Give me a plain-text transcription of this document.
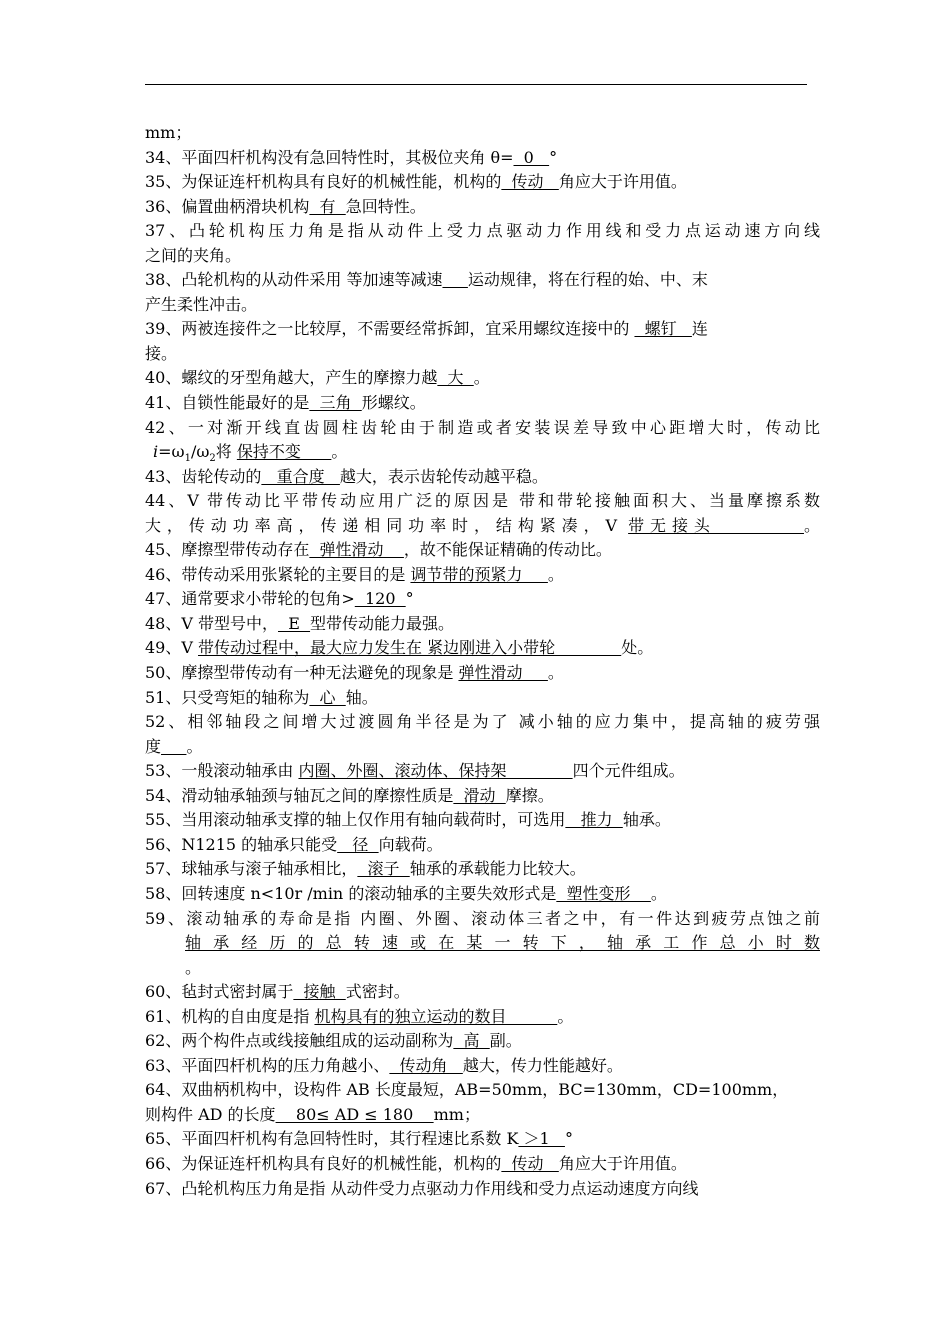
mm；
34、平面四杆机构没有急回特性时，其极位夹角 θ=  0   °
35、为保证连杆机构具有良好的机械性能，机构的  传动   角应大于许用值。
36、偏置曲柄滑块机构  有  急回特性。
37、凸轮机构压力角是指从动件上受力点驱动力作用线和受力点运动速方向线
之间的夹角。
38、凸轮机构的从动件采用 等加速等减速 运动规律，将在行程的始、中、末
产生柔性冲击。
39、两被连接件之一比较厚，不需要经常拆卸，宜采用螺纹连接中的   螺钉   连
接。
40、螺纹的牙型角越大，产生的摩擦力越  大  。
41、自锁性能最好的是  三角  形螺纹。
42、一对渐开线直齿圆柱齿轮由于制造或者安装误差导致中心距增大时，传动比
$i=\omega_1/\omega_2$将 保持不变      。
43、齿轮传动的   重合度   越大，表示齿轮传动越平稳。
44、V 带传动比平带传动应用广泛的原因是 带和带轮接触面积大、当量摩擦系数
大，传动功率高，传递相同功率时，结构紧凑，V 带无接头        。
45、摩擦型带传动存在  弹性滑动    ，故不能保证精确的传动比。
46、带传动采用张紧轮的主要目的是 调节带的预紧力     。
47、通常要求小带轮的包角>  120  °
48、V 带型号中，  E  型带传动能力最强。
49、V 带传动过程中，最大应力发生在 紧边刚进入小带轮             处。
50、摩擦型带传动有一种无法避免的现象是 弹性滑动     。
51、只受弯矩的轴称为  心  轴。
52、相邻轴段之间增大过渡圆角半径是为了 减小轴的应力集中，提高轴的疲劳强
度 。
53、一般滚动轴承由 内圈、外圈、滚动体、保持架             四个元件组成。
54、滑动轴承轴颈与轴瓦之间的摩擦性质是  滑动  摩擦。
55、当用滚动轴承支撑的轴上仅作用有轴向载荷时，可选用   推力  轴承。
56、N1215 的轴承只能受   径  向载荷。
57、球轴承与滚子轴承相比，  滚子  轴承的承载能力比较大。
58、回转速度 n<10r /min 的滚动轴承的主要失效形式是  塑性变形    。
59、滚动轴承的寿命是指 内圈、外圈、滚动体三者之中，有一件达到疲劳点蚀之前
轴承经历的总转速或在某一转下，轴承工作总小时数
。
60、毡封式密封属于  接触  式密封。
61、机构的自由度是指 机构具有的独立运动的数目          。
62、两个构件点或线接触组成的运动副称为  高  副。
63、平面四杆机构的压力角越小、  传动角   越大，传力性能越好。
64、双曲柄机构中，设构件 AB 长度最短，AB=50mm，BC=130mm，CD=100mm，
则构件 AD 的长度    80≤ AD ≤ 180    mm；
65、平面四杆机构有急回特性时，其行程速比系数 K ＞1   °
66、为保证连杆机构具有良好的机械性能，机构的  传动   角应大于许用值。
67、凸轮机构压力角是指 从动件受力点驱动力作用线和受力点运动速度方向线
